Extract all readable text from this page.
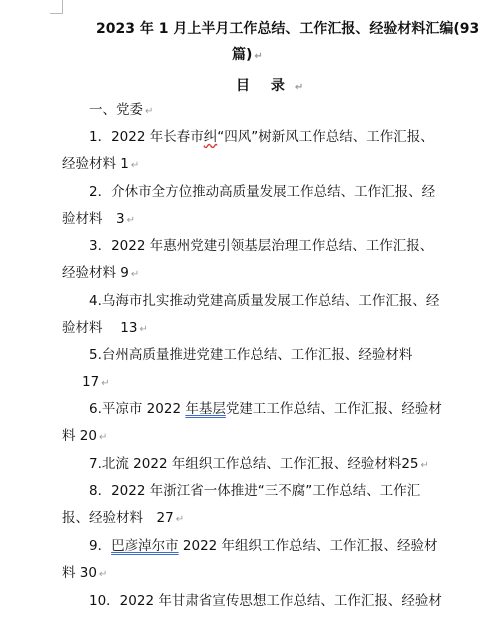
2023 年 1 月上半月工作总结、工作汇报、经验材料汇编(93
篇) ↵
目 录 ↵
一、党委 ↵
1．2022 年长春市纠“四风”树新风工作总结、工作汇报、
经验材料 1 ↵
2．介休市全方位推动高质量发展工作总结、工作汇报、经
验材料　3 ↵
3．2022 年惠州党建引领基层治理工作总结、工作汇报、
经验材料 9 ↵
4.乌海市扎实推动党建高质量发展工作总结、工作汇报、经
验材料　 13 ↵
5.台州高质量推进党建工作总结、工作汇报、经验材料
17 ↵
6.平凉市 2022 年基层党建工工作总结、工作汇报、经验材
料 20 ↵
7.北流 2022 年组织工作总结、工作汇报、经验材料25 ↵
8．2022 年浙江省一体推进“三不腐”工作总结、工作汇
报、经验材料　27 ↵
9．巴彦淖尔市 2022 年组织工作总结、工作汇报、经验材
料 30 ↵
10．2022 年甘肃省宣传思想工作总结、工作汇报、经验材
